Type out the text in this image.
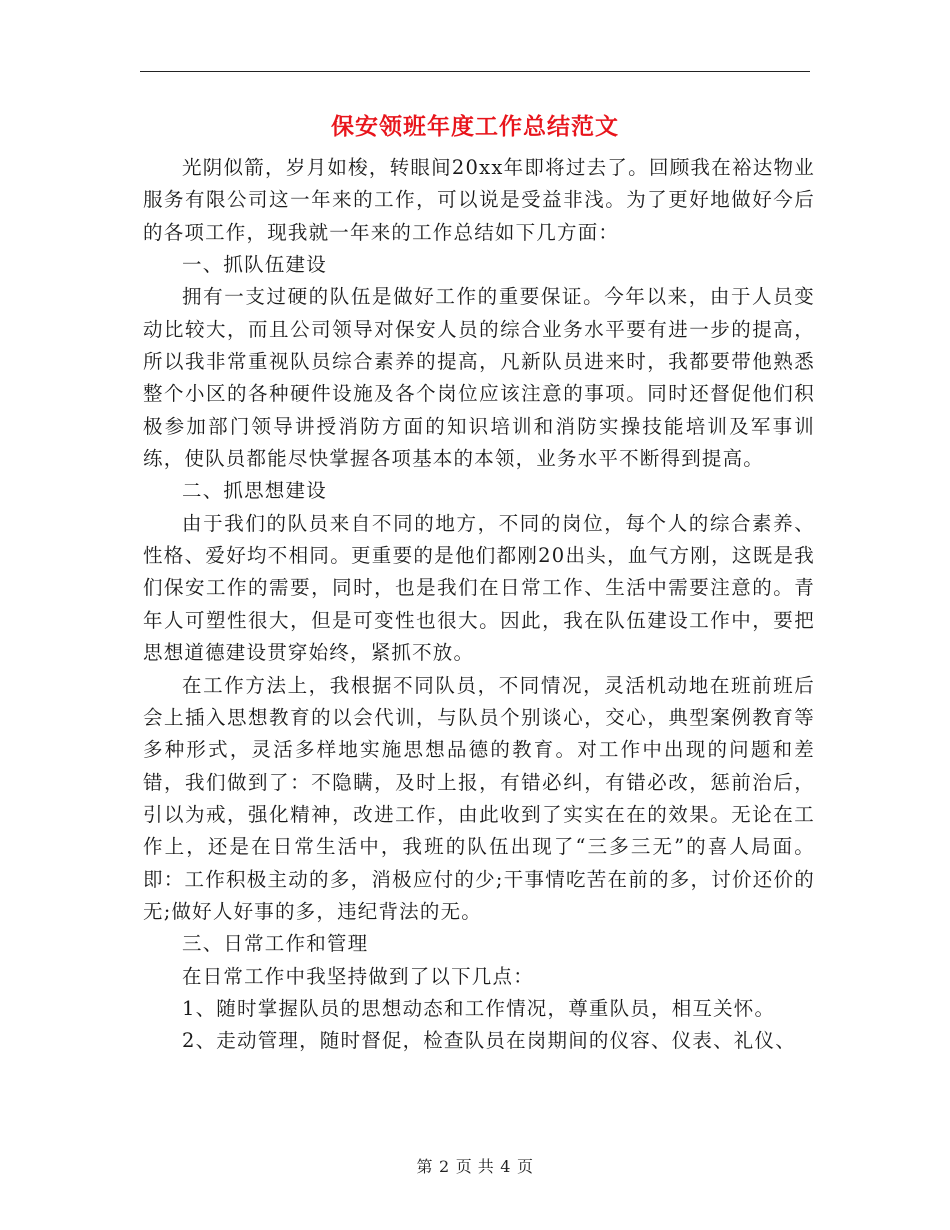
保安领班年度工作总结范文

光阴似箭，岁月如梭，转眼间20xx年即将过去了。回顾我在裕达物业服务有限公司这一年来的工作，可以说是受益非浅。为了更好地做好今后的各项工作，现我就一年来的工作总结如下几方面：

一、抓队伍建设

拥有一支过硬的队伍是做好工作的重要保证。今年以来，由于人员变动比较大，而且公司领导对保安人员的综合业务水平要有进一步的提高，所以我非常重视队员综合素养的提高，凡新队员进来时，我都要带他熟悉整个小区的各种硬件设施及各个岗位应该注意的事项。同时还督促他们积极参加部门领导讲授消防方面的知识培训和消防实操技能培训及军事训练，使队员都能尽快掌握各项基本的本领，业务水平不断得到提高。

二、抓思想建设

由于我们的队员来自不同的地方，不同的岗位，每个人的综合素养、性格、爱好均不相同。更重要的是他们都刚20出头，血气方刚，这既是我们保安工作的需要，同时，也是我们在日常工作、生活中需要注意的。青年人可塑性很大，但是可变性也很大。因此，我在队伍建设工作中，要把思想道德建设贯穿始终，紧抓不放。

在工作方法上，我根据不同队员，不同情况，灵活机动地在班前班后会上插入思想教育的以会代训，与队员个别谈心，交心，典型案例教育等多种形式，灵活多样地实施思想品德的教育。对工作中出现的问题和差错，我们做到了：不隐瞒，及时上报，有错必纠，有错必改，惩前治后，引以为戒，强化精神，改进工作，由此收到了实实在在的效果。无论在工作上，还是在日常生活中，我班的队伍出现了“三多三无”的喜人局面。即：工作积极主动的多，消极应付的少;干事情吃苦在前的多，讨价还价的无;做好人好事的多，违纪背法的无。

三、日常工作和管理

在日常工作中我坚持做到了以下几点：

1、随时掌握队员的思想动态和工作情况，尊重队员，相互关怀。

2、走动管理，随时督促，检查队员在岗期间的仪容、仪表、礼仪、

第 2 页 共 4 页
